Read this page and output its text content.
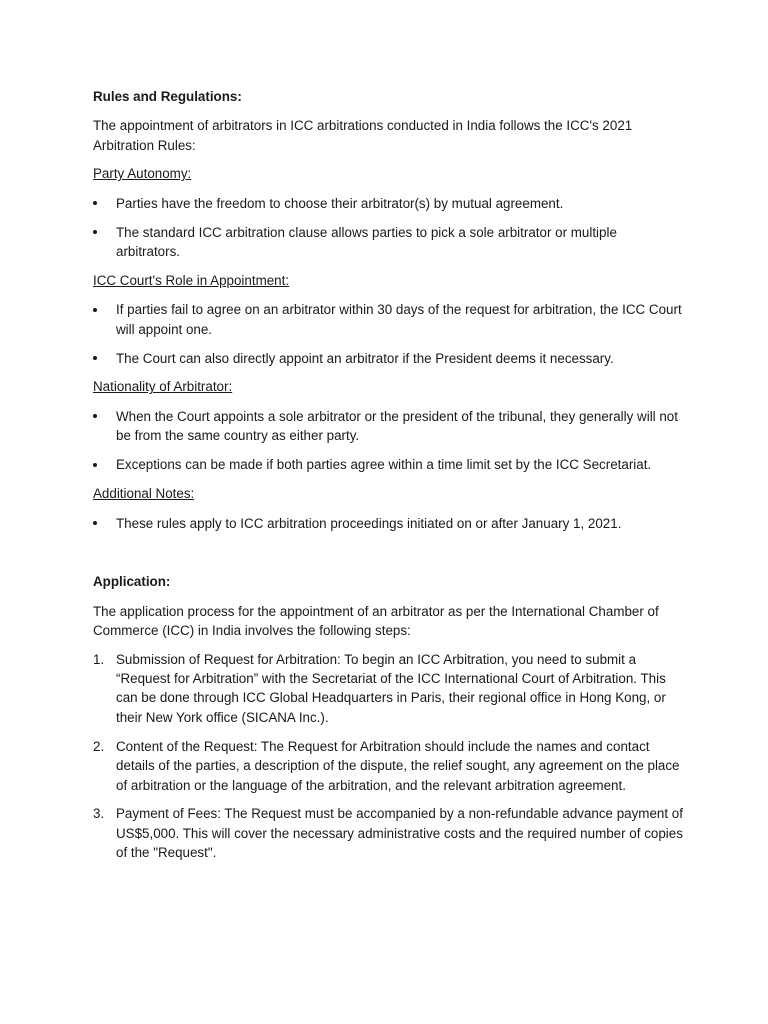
Rules and Regulations:

The appointment of arbitrators in ICC arbitrations conducted in India follows the ICC's 2021 Arbitration Rules:

Party Autonomy:

Parties have the freedom to choose their arbitrator(s) by mutual agreement.
The standard ICC arbitration clause allows parties to pick a sole arbitrator or multiple arbitrators.

ICC Court's Role in Appointment:

If parties fail to agree on an arbitrator within 30 days of the request for arbitration, the ICC Court will appoint one.
The Court can also directly appoint an arbitrator if the President deems it necessary.

Nationality of Arbitrator:

When the Court appoints a sole arbitrator or the president of the tribunal, they generally will not be from the same country as either party.
Exceptions can be made if both parties agree within a time limit set by the ICC Secretariat.

Additional Notes:

These rules apply to ICC arbitration proceedings initiated on or after January 1, 2021.

Application:

The application process for the appointment of an arbitrator as per the International Chamber of Commerce (ICC) in India involves the following steps:

1. Submission of Request for Arbitration: To begin an ICC Arbitration, you need to submit a “Request for Arbitration” with the Secretariat of the ICC International Court of Arbitration. This can be done through ICC Global Headquarters in Paris, their regional office in Hong Kong, or their New York office (SICANA Inc.).
2. Content of the Request: The Request for Arbitration should include the names and contact details of the parties, a description of the dispute, the relief sought, any agreement on the place of arbitration or the language of the arbitration, and the relevant arbitration agreement.
3. Payment of Fees: The Request must be accompanied by a non-refundable advance payment of US$5,000. This will cover the necessary administrative costs and the required number of copies of the "Request".
